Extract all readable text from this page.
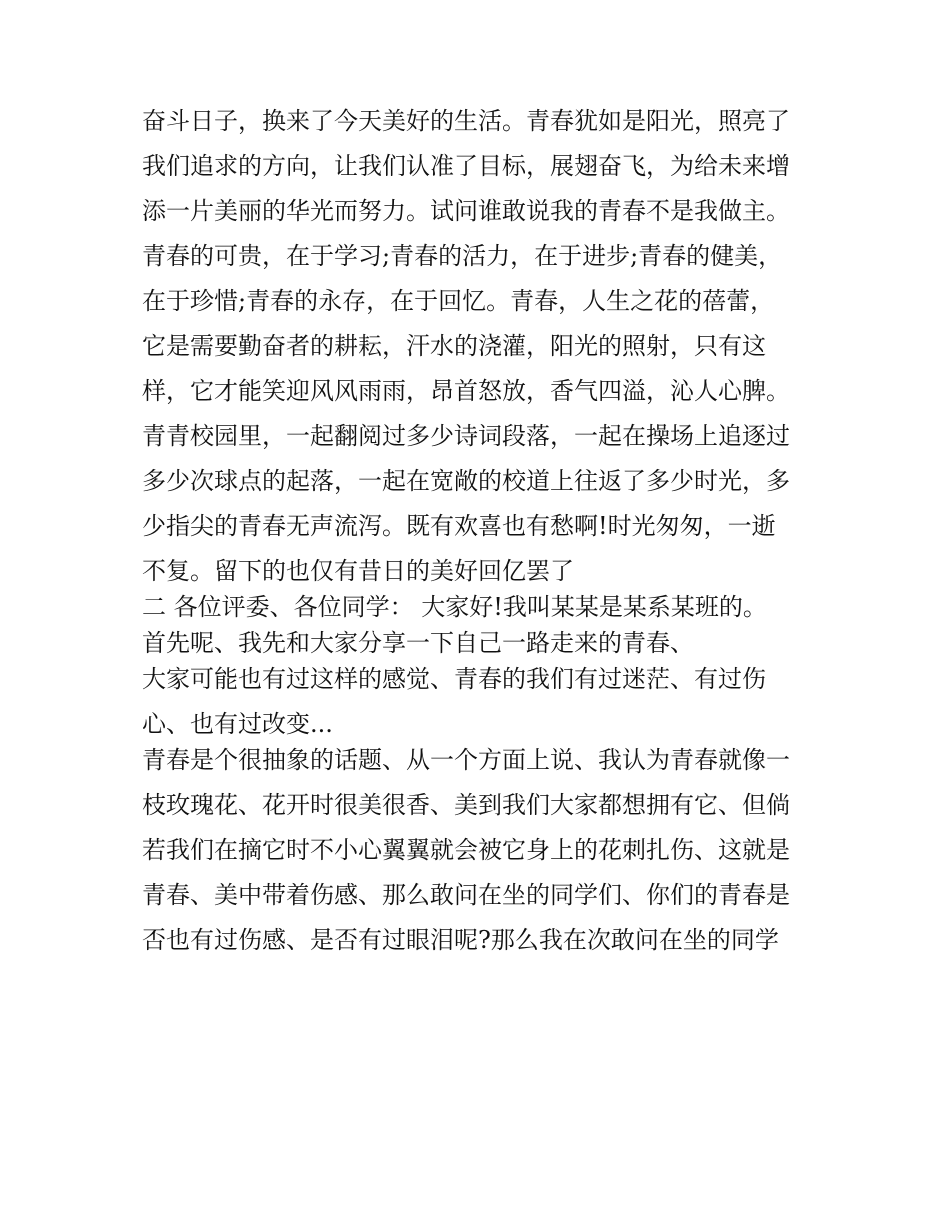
奋斗日子，换来了今天美好的生活。青春犹如是阳光，照亮了

我们追求的方向，让我们认准了目标，展翅奋飞，为给未来增

添一片美丽的华光而努力。试问谁敢说我的青春不是我做主。

青春的可贵，在于学习;青春的活力，在于进步;青春的健美，

在于珍惜;青春的永存，在于回忆。青春，人生之花的蓓蕾，

它是需要勤奋者的耕耘，汗水的浇灌，阳光的照射，只有这

样，它才能笑迎风风雨雨，昂首怒放，香气四溢，沁人心脾。

青青校园里，一起翻阅过多少诗词段落，一起在操场上追逐过

多少次球点的起落，一起在宽敞的校道上往返了多少时光，多

少指尖的青春无声流泻。既有欢喜也有愁啊!时光匆匆，一逝

不复。留下的也仅有昔日的美好回亿罢了

二 各位评委、各位同学： 大家好!我叫某某是某系某班的。

首先呢、我先和大家分享一下自己一路走来的青春、

大家可能也有过这样的感觉、青春的我们有过迷茫、有过伤

心、也有过改变...

青春是个很抽象的话题、从一个方面上说、我认为青春就像一

枝玫瑰花、花开时很美很香、美到我们大家都想拥有它、但倘

若我们在摘它时不小心翼翼就会被它身上的花刺扎伤、这就是

青春、美中带着伤感、那么敢问在坐的同学们、你们的青春是

否也有过伤感、是否有过眼泪呢?那么我在次敢问在坐的同学
